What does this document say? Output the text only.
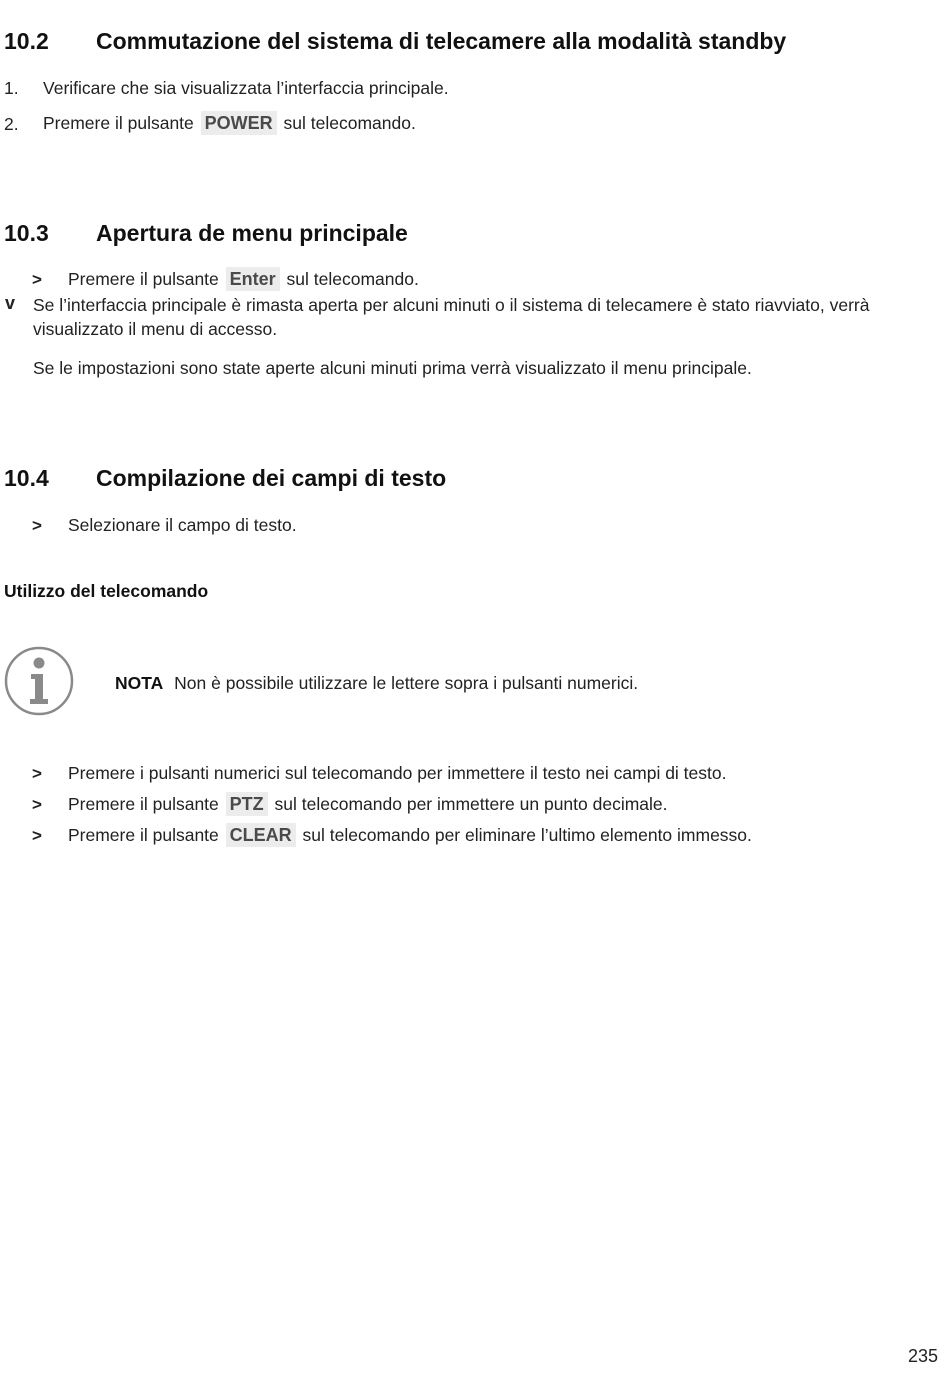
10.2 Commutazione del sistema di telecamere alla modalità standby
1. Verificare che sia visualizzata l’interfaccia principale.
2. Premere il pulsante POWER sul telecomando.
10.3 Apertura de menu principale
> Premere il pulsante Enter sul telecomando.
v Se l’interfaccia principale è rimasta aperta per alcuni minuti o il sistema di telecamere è stato riavviato, verrà visualizzato il menu di accesso.
Se le impostazioni sono state aperte alcuni minuti prima verrà visualizzato il menu principale.
10.4 Compilazione dei campi di testo
> Selezionare il campo di testo.
Utilizzo del telecomando
NOTA Non è possibile utilizzare le lettere sopra i pulsanti numerici.
> Premere i pulsanti numerici sul telecomando per immettere il testo nei campi di testo.
> Premere il pulsante PTZ sul telecomando per immettere un punto decimale.
> Premere il pulsante CLEAR sul telecomando per eliminare l’ultimo elemento immesso.
235
